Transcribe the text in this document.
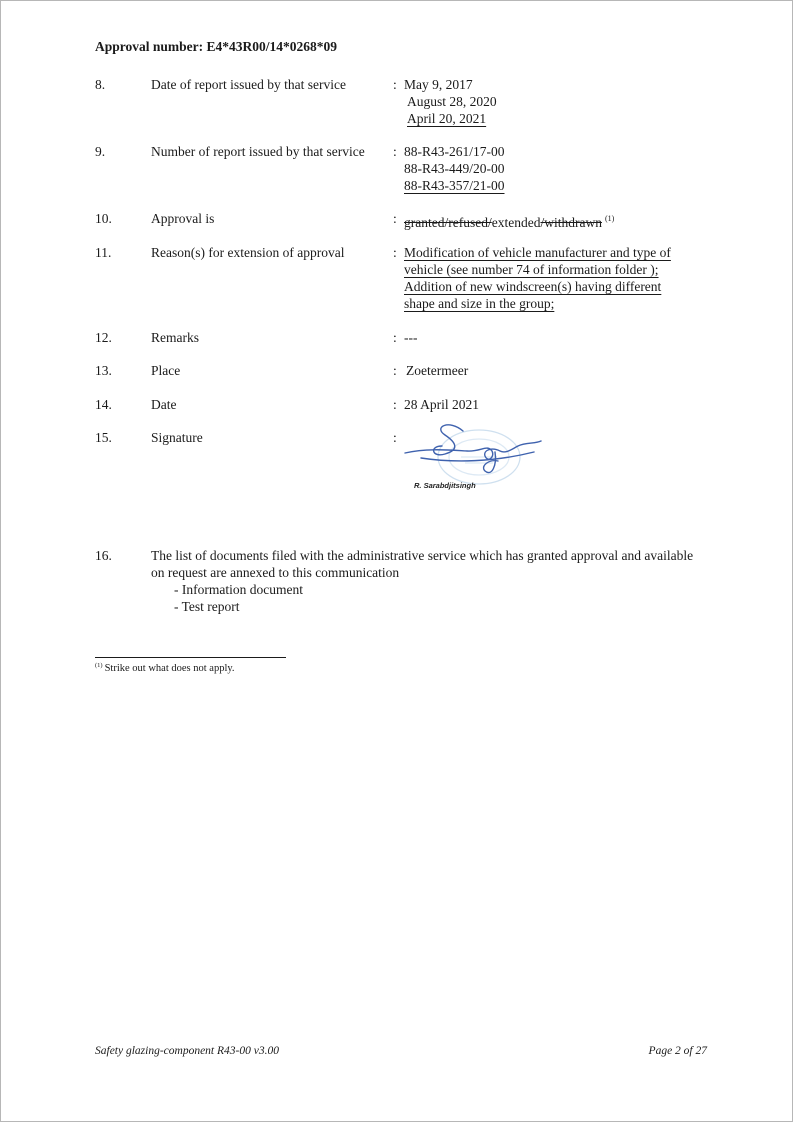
Approval number: E4*43R00/14*0268*09
8.	Date of report issued by that service	: May 9, 2017
August 28, 2020
April 20, 2021
9.	Number of report issued by that service	: 88-R43-261/17-00
88-R43-449/20-00
88-R43-357/21-00
10.	Approval is	: granted/refused/extended/withdrawn $^{(1)}$
11.	Reason(s) for extension of approval	: Modification of vehicle manufacturer and type of
vehicle (see number 74 of information folder );
Addition of new windscreen(s) having different
shape and size in the group;
12.	Remarks	: ---
13.	Place	: Zoetermeer
14.	Date	: 28 April 2021
15.	Signature	:
R. Sarabdjitsingh
16.	The list of documents filed with the administrative service which has granted approval and available on request are annexed to this communication
- Information document
- Test report
$^{(1)}$ Strike out what does not apply.
Safety glazing-component R43-00 v3.00	Page 2 of 27
